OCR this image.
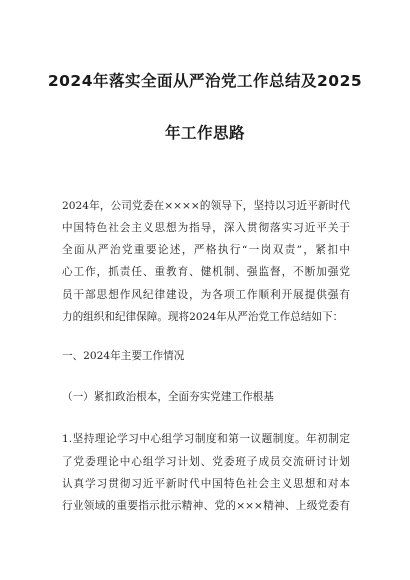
2024年落实全面从严治党工作总结及2025
年工作思路
2024年，公司党委在××××的领导下，坚持以习近平新时代
中国特色社会主义思想为指导，深入贯彻落实习近平关于
全面从严治党重要论述，严格执行“一岗双责”，紧扣中
心工作，抓责任、重教育、健机制、强监督，不断加强党
员干部思想作风纪律建设，为各项工作顺利开展提供强有
力的组织和纪律保障。现将2024年从严治党工作总结如下：
一、2024年主要工作情况
（一）紧扣政治根本，全面夯实党建工作根基
1.坚持理论学习中心组学习制度和第一议题制度。年初制定
了党委理论中心组学习计划、党委班子成员交流研讨计划
认真学习贯彻习近平新时代中国特色社会主义思想和对本
行业领域的重要指示批示精神、党的×××精神、上级党委有
